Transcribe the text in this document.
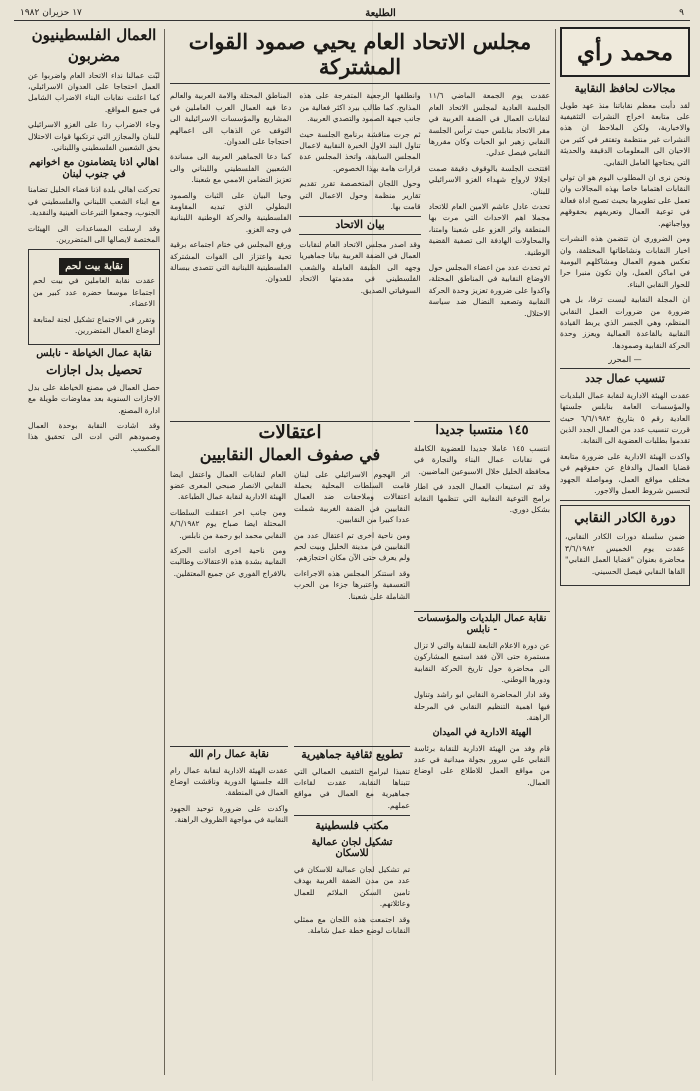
٩
الطليعة
١٧ حزيران ١٩٨٢
محمد رأي
مجالات لحافظ النقابية

لقد دأبت معظم نقاباتنا منذ عهد طويل على متابعة اخراج النشرات التثقيفية والاخبارية، ولكن الملاحظ ان هذه النشرات غير منتظمة وتفتقر في كثير من الاحيان الى المعلومات الدقيقة والحديثة التي يحتاجها العامل النقابي.

ونحن نرى ان المطلوب اليوم هو ان تولي النقابات اهتماما خاصا بهذه المجالات وان تعمل على تطويرها بحيث تصبح اداة فعالة في توعية العمال وتعريفهم بحقوقهم وواجباتهم.

ومن الضروري ان تتضمن هذه النشرات اخبار النقابات ونشاطاتها المختلفة، وان تعكس هموم العمال ومشاكلهم اليومية في اماكن العمل، وان تكون منبرا حرا للحوار النقابي البناء.

ان المجلة النقابية ليست ترفا، بل هي ضرورة من ضرورات العمل النقابي المنظم، وهي الجسر الذي يربط القيادة النقابية بالقاعدة العمالية ويعزز وحدة الحركة النقابية وصمودها.

— المحرر
تنسيب عمال جدد

عقدت الهيئة الادارية لنقابة عمال البلديات والمؤسسات العامة بنابلس جلستها العادية رقم ٥ بتاريخ ٦/٦/١٩٨٢ حيث قررت تنسيب عدد من العمال الجدد الذين تقدموا بطلبات العضوية الى النقابة.

واكدت الهيئة الادارية على ضرورة متابعة قضايا العمال والدفاع عن حقوقهم في مختلف مواقع العمل، ومواصلة الجهود لتحسين شروط العمل والاجور.

دورة الكادر النقابي

ضمن سلسلة دورات الكادر النقابي، عقدت يوم الخميس ٣/٦/١٩٨٢ محاضرة بعنوان "قضايا العمل النقابي" القاها النقابي فيصل الحسيني.

مجلس الاتحاد العام يحيي صمود القوات المشتركة

عقدت يوم الجمعة الماضي ١١/٦ الجلسة العادية لمجلس الاتحاد العام لنقابات العمال في الضفة الغربية في مقر الاتحاد بنابلس حيث ترأس الجلسة النقابي زهير ابو الحيات وكان مقررها النقابي فيصل عدلي.

افتتحت الجلسة بالوقوف دقيقة صمت اجلالا لارواح شهداء الغزو الاسرائيلي للبنان.

تحدث عادل عاشم الامين العام للاتحاد مجملا اهم الاحداث التي مرت بها المنطقة واثر الغزو على شعبنا وامتنا، والمحاولات الهادفة الى تصفية القضية الوطنية.

ثم تحدث عدد من اعضاء المجلس حول الاوضاع النقابية في المناطق المحتلة، واكدوا على ضرورة تعزيز وحدة الحركة النقابية وتصعيد النضال ضد سياسة الاحتلال.

وانطلقها الرجعية المتفرجة على هذه المذابح. كما طالب بيرد اكثر فعالية من جانب جبهة الصمود والتصدي العربية.

ثم جرت مناقشة برنامج الجلسة حيث تناول البند الاول الخبرة النقابية لاعمال المجلس السابقة، واتخذ المجلس عدة قرارات هامة بهذا الخصوص.

وحول اللجان المتخصصة تقرر تقديم تقارير منظمة وحول الاعمال التي قامت بها.

بيان الاتحاد

وقد اصدر مجلس الاتحاد العام لنقابات العمال في الضفة الغربية بيانا جماهيريا وجهه الى الطبقة العاملة والشعب الفلسطيني في مقدمتها الاتحاد السوفياتي الصديق.

المناطق المحتلة والامة العربية والعالم دعا فيه العمال العرب العاملين في المشاريع والمؤسسات الاسرائيلية الى التوقف عن الذهاب الى اعمالهم احتجاجا على العدوان.

كما دعا الجماهير العربية الى مساندة الشعبين الفلسطيني واللبناني والى تعزيز التضامن الاممي مع شعبنا.

وحيا البيان على الثبات والصمود البطولي الذي تبديه المقاومة الفلسطينية والحركة الوطنية اللبنانية في وجه الغزو.

ورفع المجلس في ختام اجتماعه برقية تحية واعتزاز الى القوات المشتركة الفلسطينية اللبنانية التي تتصدى ببسالة للعدوان.

اعتقالات
في صفوف العمال النقابيين

اثر الهجوم الاسرائيلي على لبنان قامت السلطات المحلية بحملة اعتقالات وملاحقات ضد العمال النقابيين في الضفة الغربية شملت عددا كبيرا من النقابيين.

ومن ناحية اخرى تم اعتقال عدد من النقابيين في مدينة الخليل وبيت لحم ولم يعرف حتى الآن مكان احتجازهم.

وقد استنكر المجلس هذه الاجراءات التعسفية واعتبرها جزءا من الحرب الشاملة على شعبنا.

العام لنقابات العمال واعتقل ايضا النقابي الانصار صبحي المعرى عضو الهيئة الادارية لنقابة عمال الطباعة.

ومن جانب اخر اعتقلت السلطات المحتلة ايضا صباح يوم ٨/٦/١٩٨٢ النقابي محمد ابو رحمة من نابلس.

ومن ناحية اخرى ادانت الحركة النقابية بشدة هذه الاعتقالات وطالبت بالافراج الفوري عن جميع المعتقلين.

١٤٥ منتسبا جديدا

انتسب ١٤٥ عاملا جديدا للعضوية الكاملة في نقابات عمال البناء والنجارة في محافظة الخليل خلال الاسبوعين الماضيين.

وقد تم استيعاب العمال الجدد في اطار برامج التوعية النقابية التي تنظمها النقابة بشكل دوري.

نقابة عمال البلديات والمؤسسات - نابلس

عن دورة الاعلام التابعة للنقابة والتي لا تزال مستمرة حتى الآن فقد استمع المشاركون الى محاضرة حول تاريخ الحركة النقابية ودورها الوطني.

وقد ادار المحاضرة النقابي ابو راشد وتناول فيها اهمية التنظيم النقابي في المرحلة الراهنة.

الهيئة الادارية في الميدان

قام وفد من الهيئة الادارية للنقابة برئاسة النقابي علي سرور بجولة ميدانية في عدد من مواقع العمل للاطلاع على اوضاع العمال.

تطويع ثقافية جماهيرية

تنفيذا لبرامج التثقيف العمالي التي تتبناها النقابة، عقدت لقاءات جماهيرية مع العمال في مواقع عملهم.

مكتب فلسطينية
تشكيل لجان عمالية للاسكان

تم تشكيل لجان عمالية للاسكان في عدد من مدن الضفة الغربية بهدف تامين السكن الملائم للعمال وعائلاتهم.

وقد اجتمعت هذه اللجان مع ممثلي النقابات لوضع خطة عمل شاملة.

نقابة عمال رام الله

عقدت الهيئة الادارية لنقابة عمال رام الله جلستها الدورية وناقشت اوضاع العمال في المنطقة.

واكدت على ضرورة توحيد الجهود النقابية في مواجهة الظروف الراهنة.

العمال الفلسطينيون
مضربون

لبّت عمالنا نداء الاتحاد العام واضربوا عن العمل احتجاجا على العدوان الاسرائيلي، كما اعلنت نقابات البناء الاضراب الشامل في جميع المواقع.

وجاء الاضراب ردا على الغزو الاسرائيلي للبنان والمجازر التي ترتكبها قوات الاحتلال بحق الشعبين الفلسطيني واللبناني.

اهالي اذنا يتضامنون مع اخوانهم في جنوب لبنان

تحركت اهالي بلدة اذنا قضاء الخليل تضامنا مع ابناء الشعب اللبناني والفلسطيني في الجنوب، وجمعوا التبرعات العينية والنقدية.

وقد ارسلت المساعدات الى الهيئات المختصة لايصالها الى المتضررين.

نقابة بيت لحم

عقدت نقابة العاملين في بيت لحم اجتماعا موسعا حضره عدد كبير من الاعضاء.

وتقرر في الاجتماع تشكيل لجنة لمتابعة اوضاع العمال المتضررين.

نقابة عمال الخياطة - نابلس
تحصيل بدل اجازات

حصل العمال في مصنع الخياطة على بدل الاجازات السنوية بعد مفاوضات طويلة مع ادارة المصنع.

وقد اشادت النقابة بوحدة العمال وصمودهم التي ادت الى تحقيق هذا المكسب.
